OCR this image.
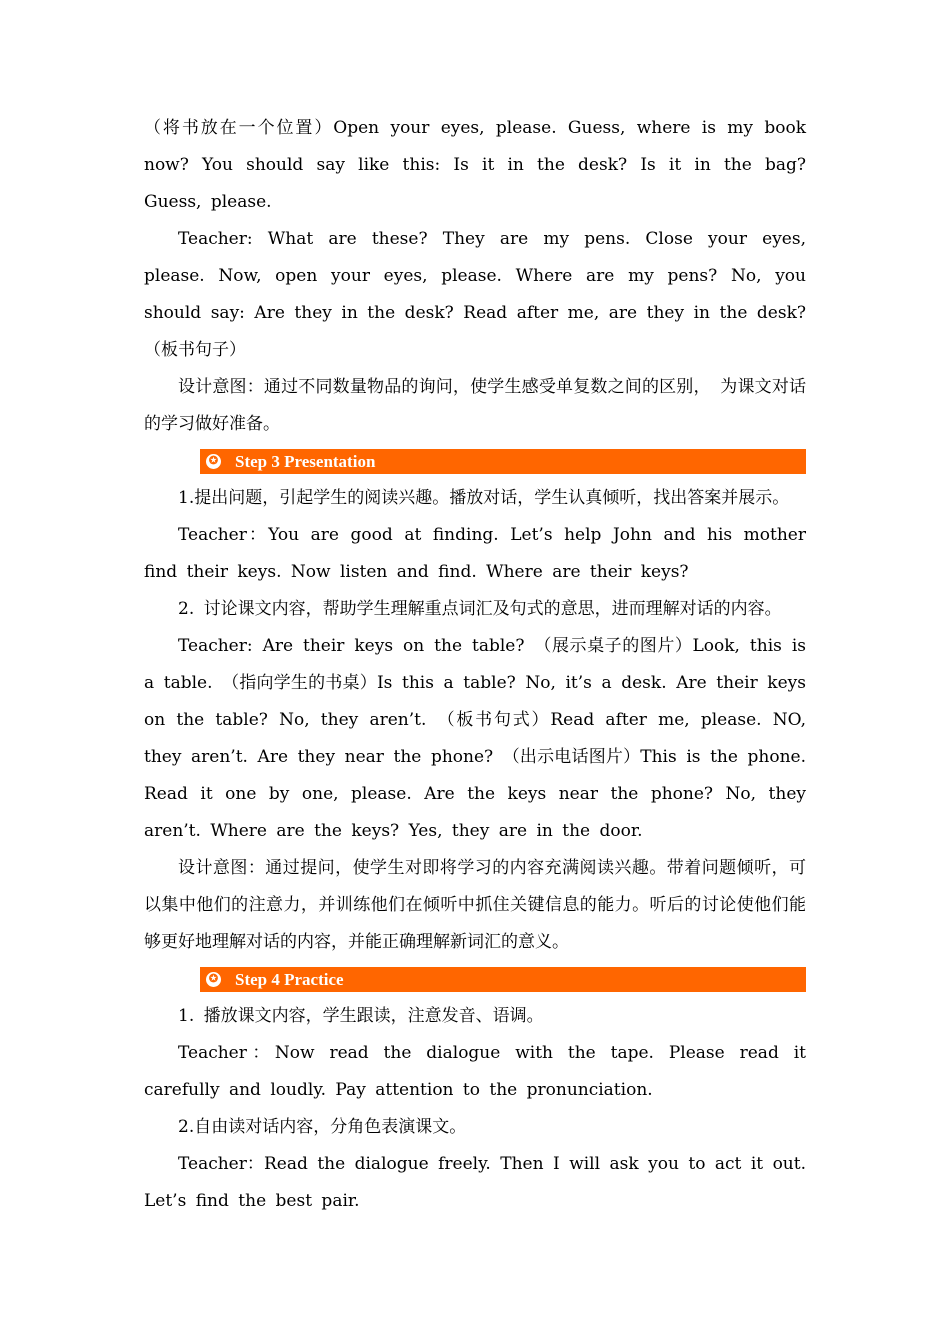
（将书放在一个位置）Open your eyes, please. Guess, where is my book now? You should say like this: Is it in the desk? Is it in the bag? Guess, please.

Teacher: What are these? They are my pens. Close your eyes, please. Now, open your eyes, please. Where are my pens? No, you should say: Are they in the desk? Read after me, are they in the desk? （板书句子）

设计意图：通过不同数量物品的询问，使学生感受单复数之间的区别， 为课文对话的学习做好准备。

✪ Step 3 Presentation

1.提出问题，引起学生的阅读兴趣。播放对话，学生认真倾听，找出答案并展示。

Teacher：You are good at finding. Let’s help John and his mother find their keys. Now listen and find. Where are their keys?

2. 讨论课文内容，帮助学生理解重点词汇及句式的意思，进而理解对话的内容。

Teacher: Are their keys on the table? （展示桌子的图片）Look, this is a table. （指向学生的书桌）Is this a table? No, it’s a desk. Are their keys on the table? No, they aren’t. （板书句式）Read after me, please. NO, they aren’t. Are they near the phone? （出示电话图片）This is the phone. Read it one by one, please. Are the keys near the phone? No, they aren’t. Where are the keys? Yes, they are in the door.

设计意图：通过提问，使学生对即将学习的内容充满阅读兴趣。带着问题倾听，可以集中他们的注意力，并训练他们在倾听中抓住关键信息的能力。听后的讨论使他们能够更好地理解对话的内容，并能正确理解新词汇的意义。

✪ Step 4 Practice

1. 播放课文内容，学生跟读，注意发音、语调。

Teacher：Now read the dialogue with the tape. Please read it carefully and loudly. Pay attention to the pronunciation.

2.自由读对话内容，分角色表演课文。

Teacher：Read the dialogue freely. Then I will ask you to act it out. Let’s find the best pair.
